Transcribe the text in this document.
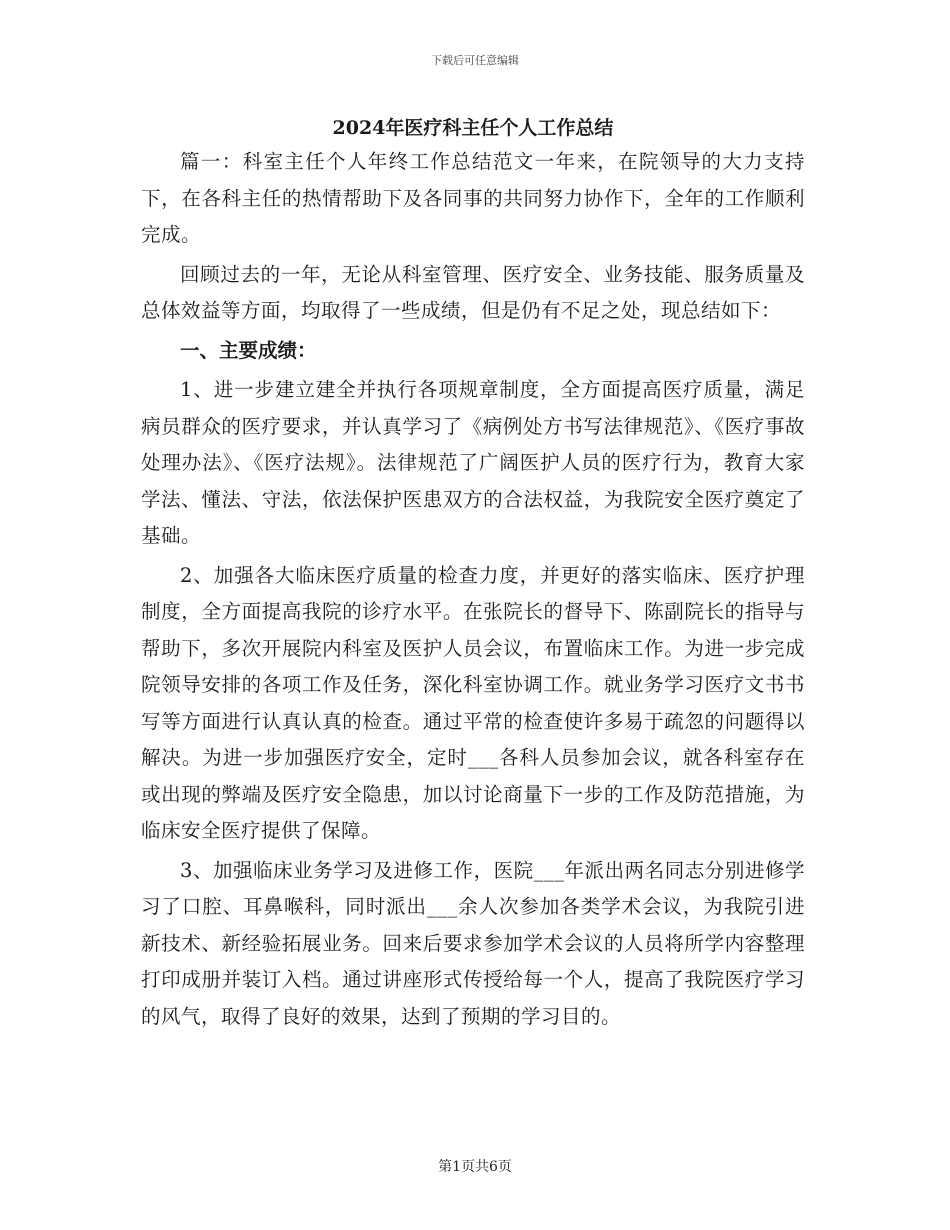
下载后可任意编辑
2024年医疗科主任个人工作总结

篇一：科室主任个人年终工作总结范文一年来，在院领导的大力支持下，在各科主任的热情帮助下及各同事的共同努力协作下，全年的工作顺利完成。

回顾过去的一年，无论从科室管理、医疗安全、业务技能、服务质量及总体效益等方面，均取得了一些成绩，但是仍有不足之处，现总结如下：

一、主要成绩：

1、进一步建立建全并执行各项规章制度，全方面提高医疗质量，满足病员群众的医疗要求，并认真学习了《病例处方书写法律规范》、《医疗事故处理办法》、《医疗法规》。法律规范了广阔医护人员的医疗行为，教育大家学法、懂法、守法，依法保护医患双方的合法权益，为我院安全医疗奠定了基础。

2、加强各大临床医疗质量的检查力度，并更好的落实临床、医疗护理制度，全方面提高我院的诊疗水平。在张院长的督导下、陈副院长的指导与帮助下，多次开展院内科室及医护人员会议，布置临床工作。为进一步完成院领导安排的各项工作及任务，深化科室协调工作。就业务学习医疗文书书写等方面进行认真认真的检查。通过平常的检查使许多易于疏忽的问题得以解决。为进一步加强医疗安全，定时___各科人员参加会议，就各科室存在或出现的弊端及医疗安全隐患，加以讨论商量下一步的工作及防范措施，为临床安全医疗提供了保障。

3、加强临床业务学习及进修工作，医院___年派出两名同志分别进修学习了口腔、耳鼻喉科，同时派出___余人次参加各类学术会议，为我院引进新技术、新经验拓展业务。回来后要求参加学术会议的人员将所学内容整理打印成册并装订入档。通过讲座形式传授给每一个人，提高了我院医疗学习的风气，取得了良好的效果，达到了预期的学习目的。

第1页共6页
